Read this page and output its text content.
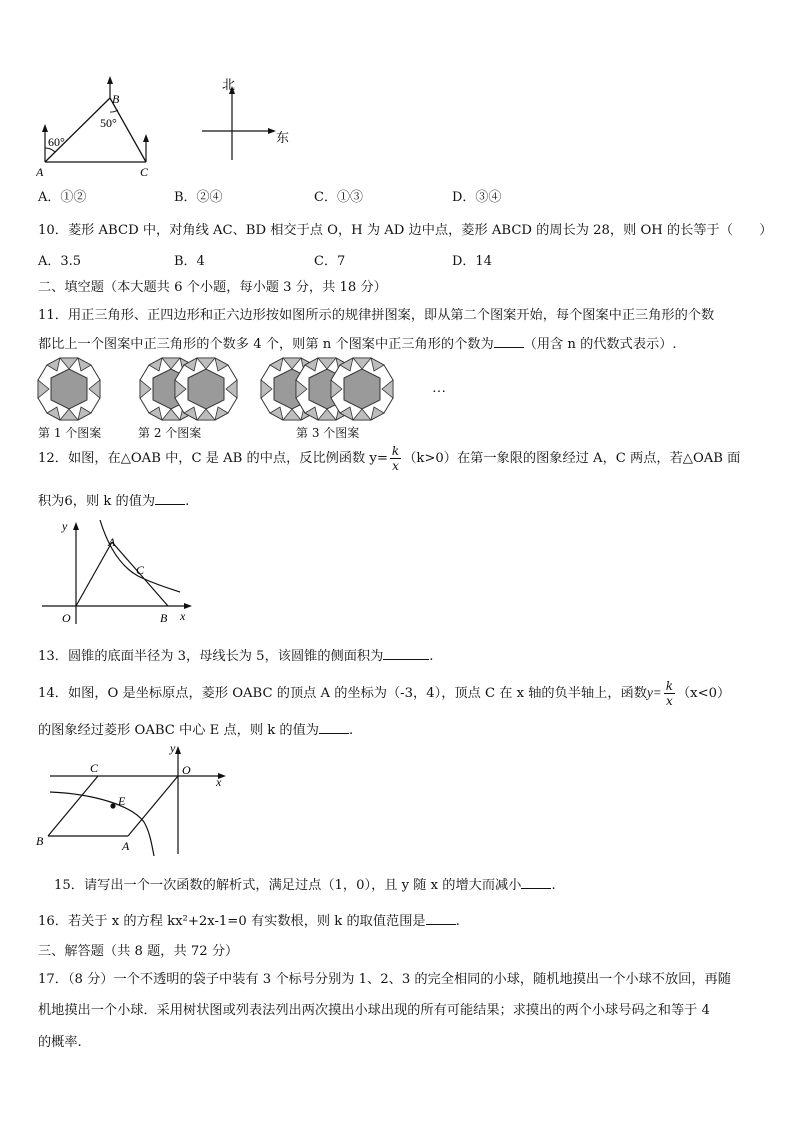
60°
50°
B
A	C
北
东
A．①②	B．②④	C．①③	D．③④
10．菱形 ABCD 中，对角线 AC、BD 相交于点 O，H 为 AD 边中点，菱形 ABCD 的周长为 28，则 OH 的长等于（　　）
A．3.5	B．4	C．7	D．14
二、填空题（本大题共 6 个小题，每小题 3 分，共 18 分）
11．用正三角形、正四边形和正六边形按如图所示的规律拼图案，即从第二个图案开始，每个图案中正三角形的个数
都比上一个图案中正三角形的个数多 4 个，则第 n 个图案中正三角形的个数为 （用含 n 的代数式表示）.
…
第 1 个图案	第 2 个图案	第 3 个图案
12．如图，在△OAB 中，C 是 AB 的中点，反比例函数 $y= \frac{k}{x} (k>0)$在第一象限的图象经过 A，C 两点，若△OAB 面
积为6，则 k 的值为 .
y
x
O
A
C
B
13．圆锥的底面半径为 3，母线长为 5，该圆锥的侧面积为	.
14．如图，O 是坐标原点，菱形 OABC 的顶点 A 的坐标为（-3，4），顶点 C 在 x 轴的负半轴上，函数$y= \frac{k}{x} (x<0)$
的图象经过菱形 OABC 中心 E 点，则 k 的值为 .
y
x
O
C
E
A
B
15．请写出一个一次函数的解析式，满足过点（1，0），且 y 随 x 的增大而减小 .
16．若关于 x 的方程 kx²+2x-1=0 有实数根，则 k 的取值范围是 .
三、解答题（共 8 题，共 72 分）
17．（8 分）一个不透明的袋子中装有 3 个标号分别为 1、2、3 的完全相同的小球，随机地摸出一个小球不放回，再随
机地摸出一个小球．采用树状图或列表法列出两次摸出小球出现的所有可能结果；求摸出的两个小球号码之和等于 4
的概率.
